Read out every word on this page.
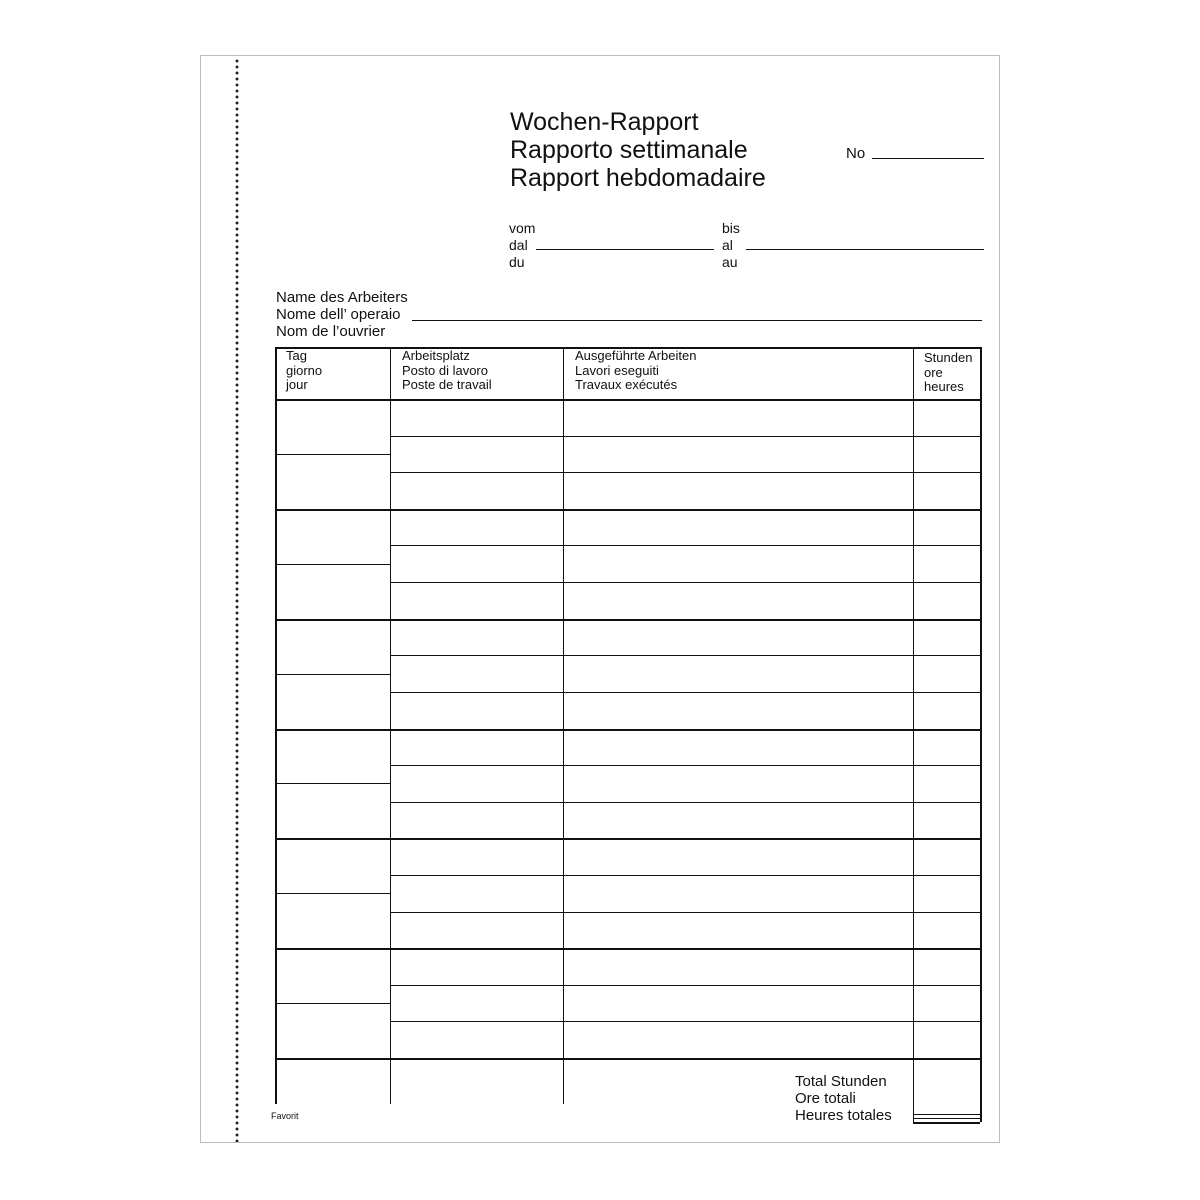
Wochen-Rapport
Rapporto settimanale
Rapport hebdomadaire
No
vom
dal
du
bis
al
au
Name des Arbeiters
Nome dell’ operaio
Nom de l’ouvrier
Tag
giorno
jour
Arbeitsplatz
Posto di lavoro
Poste de travail
Ausgeführte Arbeiten
Lavori eseguiti
Travaux exécutés
Stunden
ore
heures
Total Stunden
Ore totali
Heures totales
Favorit
